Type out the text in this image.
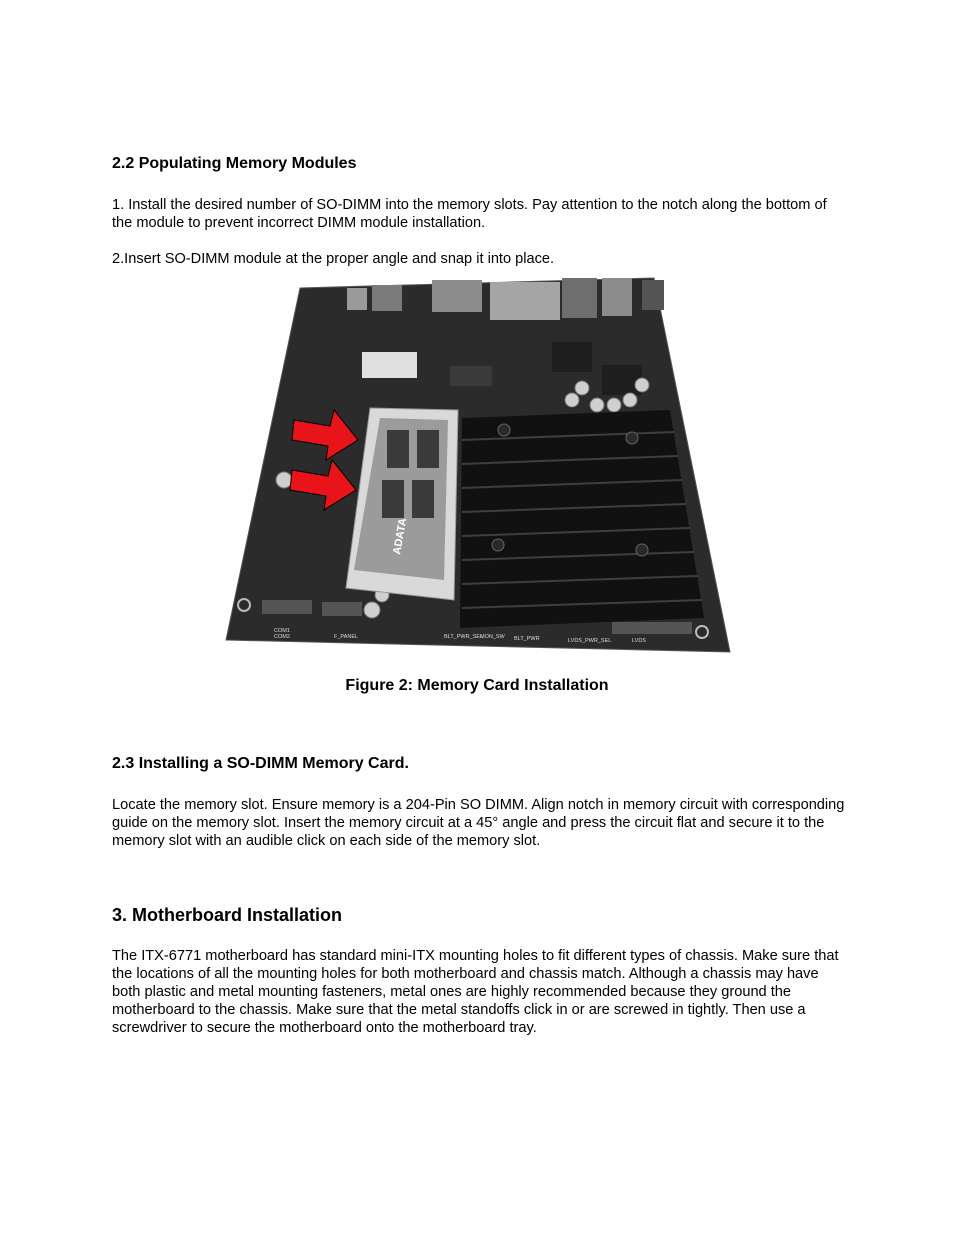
2.2 Populating Memory Modules

1. Install the desired number of SO-DIMM into the memory slots. Pay attention to the notch along the bottom of the module to prevent incorrect DIMM module installation.

2.Insert SO-DIMM module at the proper angle and snap it into place.

ADATA
COM1
COM2	F_PANEL	BLT_PWR_SEL
MON_SW BLT_PWR	LVDS_PWR_SEL	LVDS

Figure 2: Memory Card Installation

2.3 Installing a SO-DIMM Memory Card.

Locate the memory slot. Ensure memory is a 204-Pin SO DIMM. Align notch in memory circuit with corresponding guide on the memory slot. Insert the memory circuit at a 45° angle and press the circuit flat and secure it to the memory slot with an audible click on each side of the memory slot.

3. Motherboard Installation

The ITX-6771 motherboard has standard mini-ITX mounting holes to fit different types of chassis. Make sure that the locations of all the mounting holes for both motherboard and chassis match. Although a chassis may have both plastic and metal mounting fasteners, metal ones are highly recommended because they ground the motherboard to the chassis. Make sure that the metal standoffs click in or are screwed in tightly. Then use a screwdriver to secure the motherboard onto the motherboard tray.
